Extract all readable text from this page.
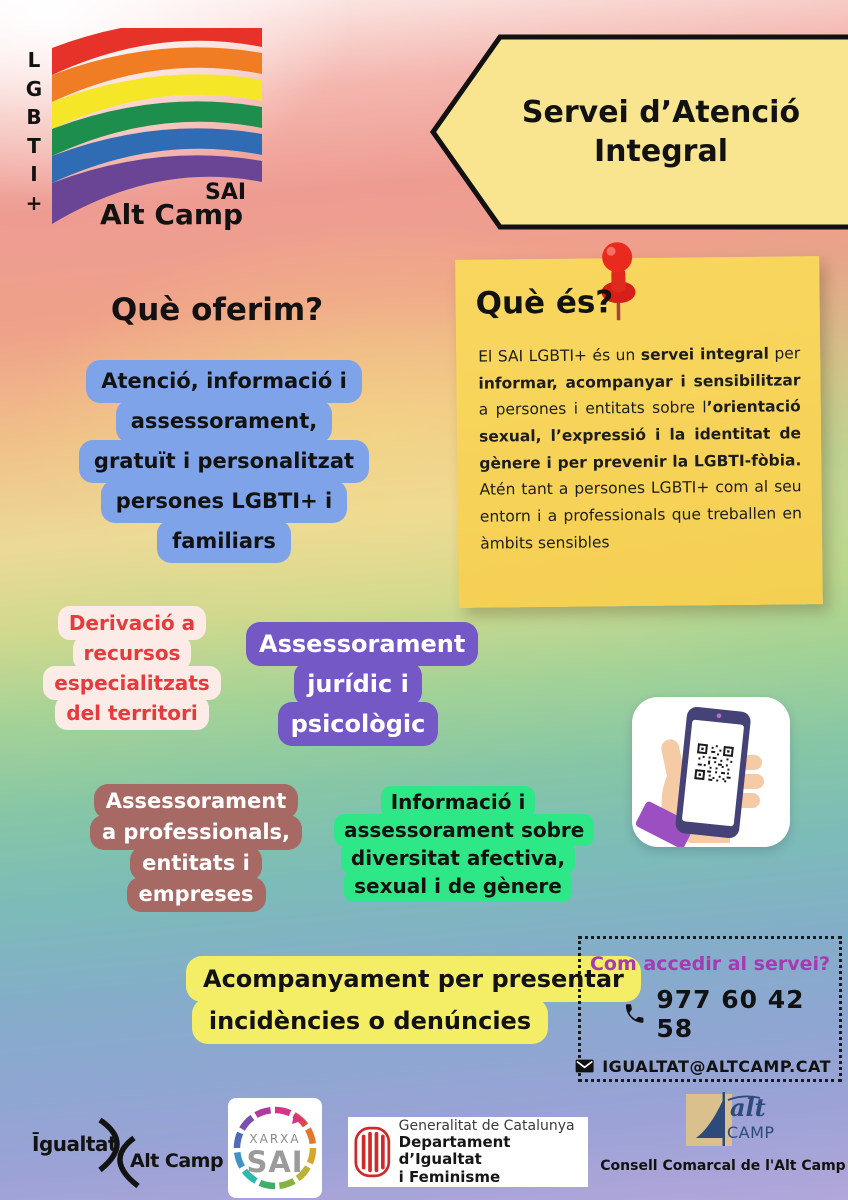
L
G
B
T
I
+	SAI
Alt Camp
Servei d’Atenció
Integral
Què oferim?
Atenció, informació i
assessorament,
gratuït i personalitzat
persones LGBTI+ i
familiars
Què és?
El SAI LGBTI+ és un servei integral per informar, acompanyar i sensibilitzar a persones i entitats sobre l’orientació sexual, l’expressió i la identitat de gènere i per prevenir la LGBTI-fòbia. Atén tant a persones LGBTI+ com al seu entorn i a professionals que treballen en àmbits sensibles
Derivació a
recursos
especialitzats
del territori
Assessorament
jurídic i
psicològic
Assessorament
a professionals,
entitats i
empreses
Informació i
assessorament sobre
diversitat afectiva,
sexual i de gènere
Acompanyament per presentar
incidències o denúncies
Com accedir al servei?
977 60 42 58
IGUALTAT@ALTCAMP.CAT
Īgualtat
Alt Camp
XARXA
SAI
Generalitat de Catalunya
Departament d’Igualtat
i Feminisme
alt
CAMP
Consell Comarcal de l'Alt Camp
